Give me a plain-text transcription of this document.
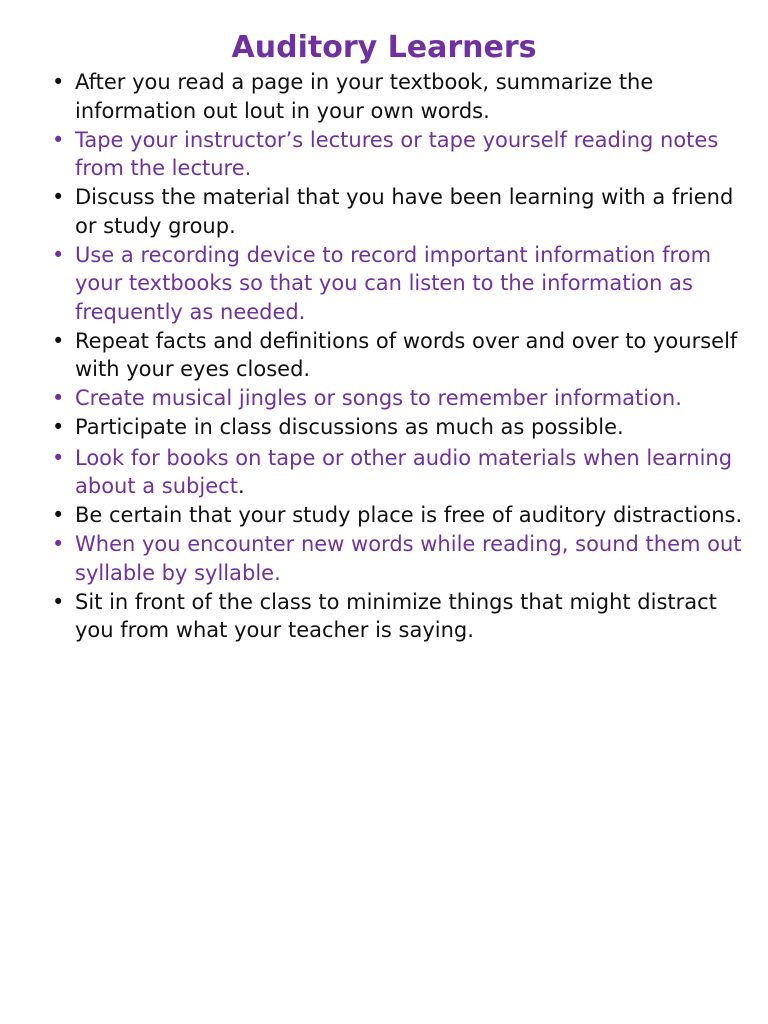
Auditory Learners
• After you read a page in your textbook, summarize the information out lout in your own words.
• Tape your instructor’s lectures or tape yourself reading notes from the lecture.
• Discuss the material that you have been learning with a friend or study group.
• Use a recording device to record important information from your textbooks so that you can listen to the information as frequently as needed.
• Repeat facts and definitions of words over and over to yourself with your eyes closed.
• Create musical jingles or songs to remember information.
• Participate in class discussions as much as possible.
• Look for books on tape or other audio materials when learning about a subject.
• Be certain that your study place is free of auditory distractions.
• When you encounter new words while reading, sound them out syllable by syllable.
• Sit in front of the class to minimize things that might distract you from what your teacher is saying.
